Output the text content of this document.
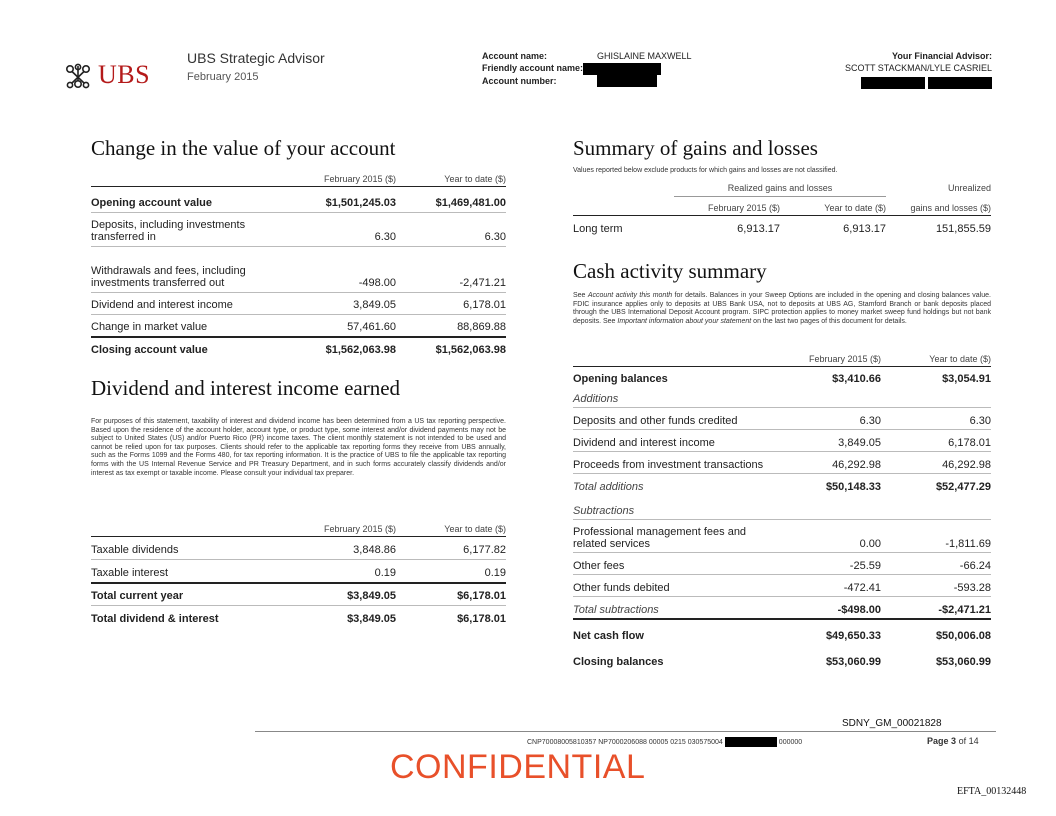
UBS
UBS Strategic Advisor
February 2015
Account name:	GHISLAINE MAXWELL
Friendly account name:
Account number:
Your Financial Advisor:
SCOTT STACKMAN/LYLE CASRIEL

Change in the value of your account
February 2015 ($)	Year to date ($)
Opening account value	$1,501,245.03	$1,469,481.00
Deposits, including investments transferred in	6.30	6.30
Withdrawals and fees, including investments transferred out	-498.00	-2,471.21
Dividend and interest income	3,849.05	6,178.01
Change in market value	57,461.60	88,869.88
Closing account value	$1,562,063.98	$1,562,063.98
Dividend and interest income earned
For purposes of this statement, taxability of interest and dividend income has been determined from a US tax reporting perspective. Based upon the residence of the account holder, account type, or product type, some interest and/or dividend payments may not be subject to United States (US) and/or Puerto Rico (PR) income taxes. The client monthly statement is not intended to be used and cannot be relied upon for tax purposes. Clients should refer to the applicable tax reporting forms they receive from UBS annually, such as the Forms 1099 and the Forms 480, for tax reporting information. It is the practice of UBS to file the applicable tax reporting forms with the US Internal Revenue Service and PR Treasury Department, and in such forms accurately classify dividends and/or interest as tax exempt or taxable income. Please consult your individual tax preparer.
February 2015 ($)	Year to date ($)
Taxable dividends	3,848.86	6,177.82
Taxable interest	0.19	0.19
Total current year	$3,849.05	$6,178.01
Total dividend & interest	$3,849.05	$6,178.01
Summary of gains and losses
Values reported below exclude products for which gains and losses are not classified.
Realized gains and losses	Unrealized
February 2015 ($)	Year to date ($)	gains and losses ($)
Long term	6,913.17	6,913.17	151,855.59
Cash activity summary
See Account activity this month for details. Balances in your Sweep Options are included in the opening and closing balances value. FDIC insurance applies only to deposits at UBS Bank USA, not to deposits at UBS AG, Stamford Branch or bank deposits placed through the UBS International Deposit Account program. SIPC protection applies to money market sweep fund holdings but not bank deposits. See Important information about your statement on the last two pages of this document for details.
February 2015 ($)	Year to date ($)
Opening balances	$3,410.66	$3,054.91
Additions
Deposits and other funds credited	6.30	6.30
Dividend and interest income	3,849.05	6,178.01
Proceeds from investment transactions	46,292.98	46,292.98
Total additions	$50,148.33	$52,477.29
Subtractions
Professional management fees and related services	0.00	-1,811.69
Other fees	-25.59	-66.24
Other funds debited	-472.41	-593.28
Total subtractions	-$498.00	-$2,471.21
Net cash flow	$49,650.33	$50,006.08
Closing balances	$53,060.99	$53,060.99
SDNY_GM_00021828
CNP70008005810357 NP7000206088 00005 0215 030575004	000000	Page 3 of 14
CONFIDENTIAL
EFTA_00132448
